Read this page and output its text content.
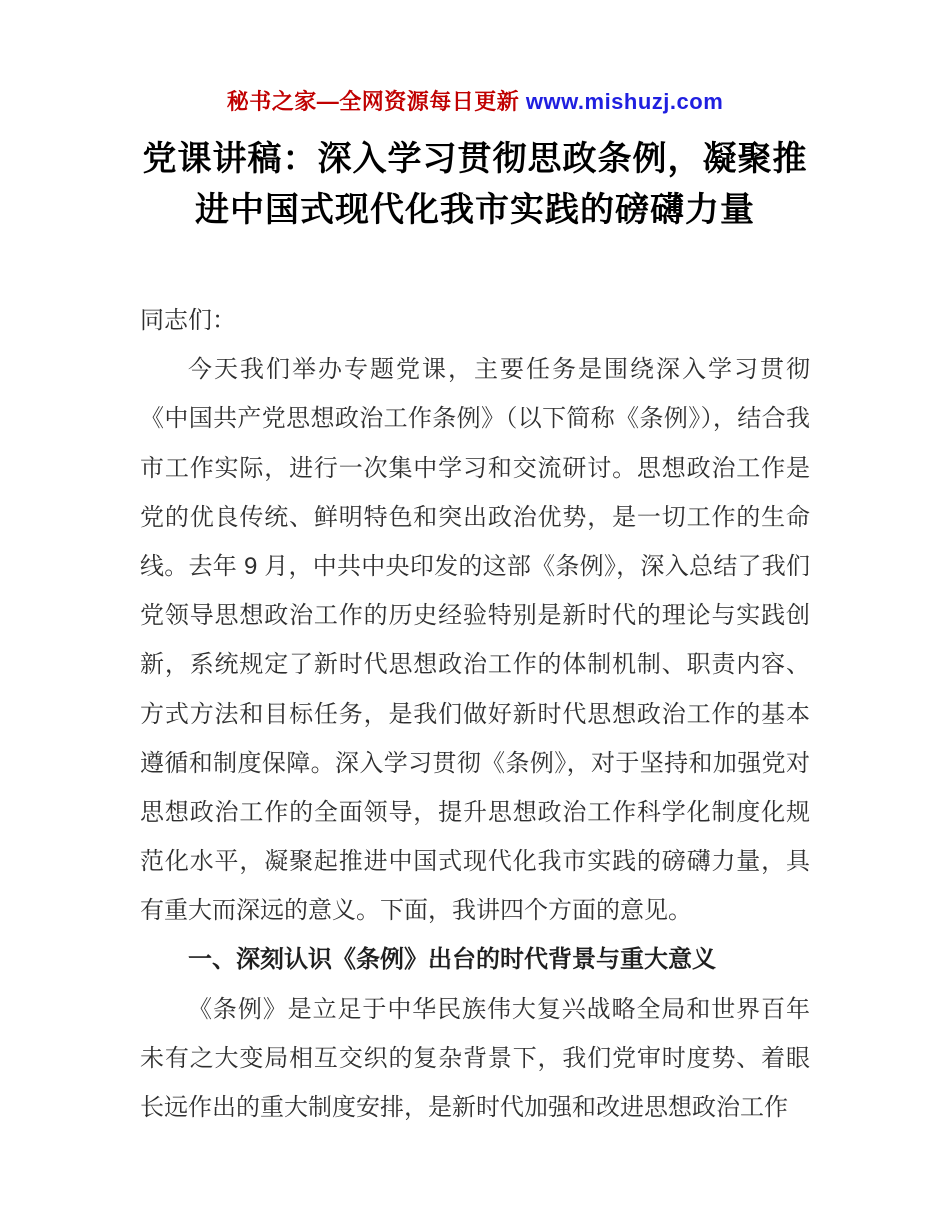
秘书之家—全网资源每日更新 www.mishuzj.com
党课讲稿：深入学习贯彻思政条例，凝聚推进中国式现代化我市实践的磅礴力量

同志们：

今天我们举办专题党课，主要任务是围绕深入学习贯彻《中国共产党思想政治工作条例》（以下简称《条例》），结合我市工作实际，进行一次集中学习和交流研讨。思想政治工作是党的优良传统、鲜明特色和突出政治优势，是一切工作的生命线。去年 9 月，中共中央印发的这部《条例》，深入总结了我们党领导思想政治工作的历史经验特别是新时代的理论与实践创新，系统规定了新时代思想政治工作的体制机制、职责内容、方式方法和目标任务，是我们做好新时代思想政治工作的基本遵循和制度保障。深入学习贯彻《条例》，对于坚持和加强党对思想政治工作的全面领导，提升思想政治工作科学化制度化规范化水平，凝聚起推进中国式现代化我市实践的磅礴力量，具有重大而深远的意义。下面，我讲四个方面的意见。

一、深刻认识《条例》出台的时代背景与重大意义

《条例》是立足于中华民族伟大复兴战略全局和世界百年未有之大变局相互交织的复杂背景下，我们党审时度势、着眼长远作出的重大制度安排，是新时代加强和改进思想政治工作
